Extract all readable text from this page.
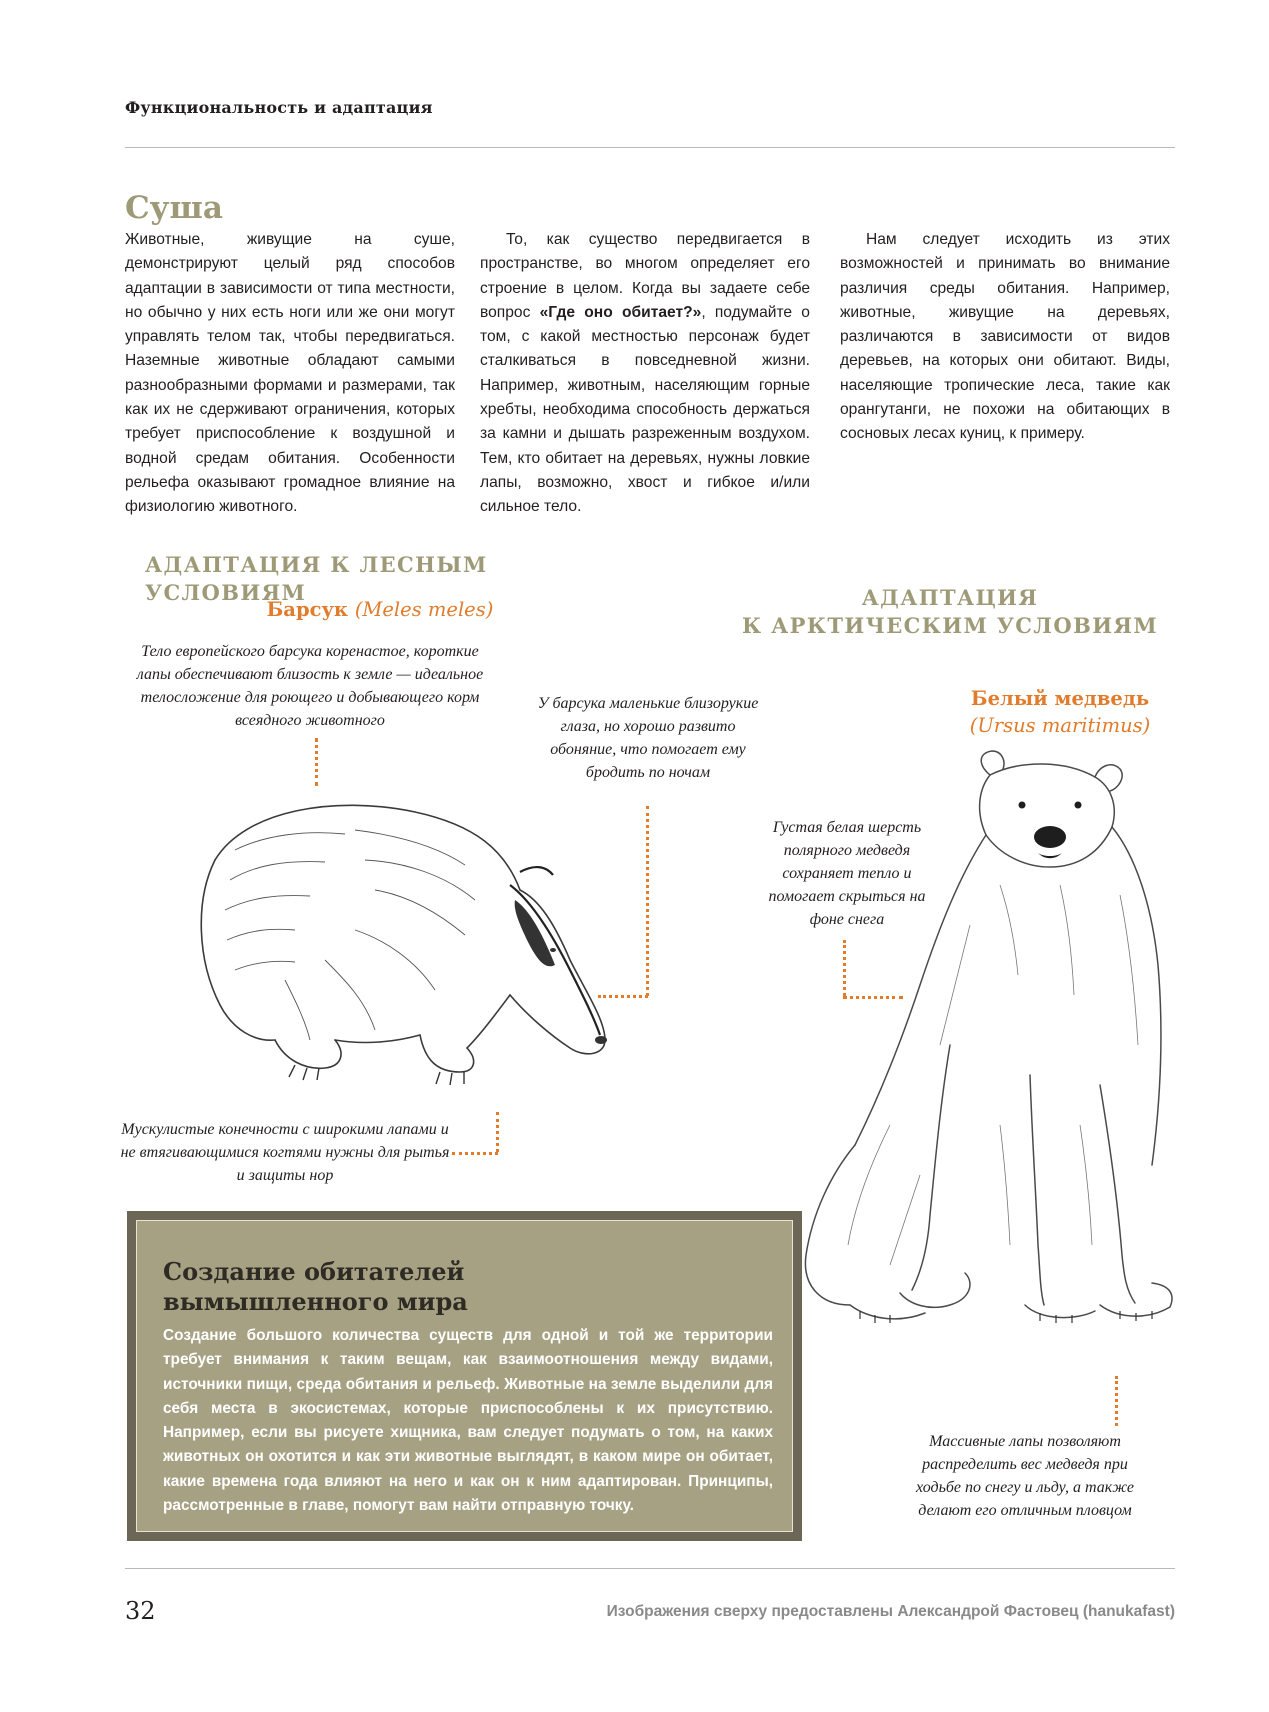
Функциональность и адаптация
Суша

Животные, живущие на суше, демонстрируют целый ряд способов адаптации в зависимости от типа местности, но обычно у них есть ноги или же они могут управлять телом так, чтобы передвигаться. Наземные животные обладают самыми разнообразными формами и размерами, так как их не сдерживают ограничения, которых требует приспособление к воздушной и водной средам обитания. Особенности рельефа оказывают громадное влияние на физиологию животного.

То, как существо передвигается в пространстве, во многом определяет его строение в целом. Когда вы задаете себе вопрос «Где оно обитает?», подумайте о том, с какой местностью персонаж будет сталкиваться в повседневной жизни. Например, животным, населяющим горные хребты, необходима способность держаться за камни и дышать разреженным воздухом. Тем, кто обитает на деревьях, нужны ловкие лапы, возможно, хвост и гибкое и/или сильное тело.

Нам следует исходить из этих возможностей и принимать во внимание различия среды обитания. Например, животные, живущие на деревьях, различаются в зависимости от видов деревьев, на которых они обитают. Виды, населяющие тропические леса, такие как орангутанги, не похожи на обитающих в сосновых лесах куниц, к примеру.

АДАПТАЦИЯ К ЛЕСНЫМ УСЛОВИЯМ
Барсук (Meles meles)
Тело европейского барсука коренастое, короткие лапы обеспечивают близость к земле — идеальное телосложение для роющего и добывающего корм всеядного животного
У барсука маленькие близорукие глаза, но хорошо развито обоняние, что помогает ему бродить по ночам
Мускулистые конечности с широкими лапами и не втягивающимися когтями нужны для рытья и защиты нор
АДАПТАЦИЯ
К АРКТИЧЕСКИМ УСЛОВИЯМ
Белый медведь
(Ursus maritimus)
Густая белая шерсть полярного медведя сохраняет тепло и помогает скрыться на фоне снега
Массивные лапы позволяют распределить вес медведя при ходьбе по снегу и льду, а также делают его отличным пловцом
Создание обитателей вымышленного мира
Создание большого количества существ для одной и той же территории требует внимания к таким вещам, как взаимоотношения между видами, источники пищи, среда обитания и рельеф. Животные на земле выделили для себя места в экосистемах, которые приспособлены к их присутствию. Например, если вы рисуете хищника, вам следует подумать о том, на каких животных он охотится и как эти животные выглядят, в каком мире он обитает, какие времена года влияют на него и как он к ним адаптирован. Принципы, рассмотренные в главе, помогут вам найти отправную точку.
32	Изображения сверху предоставлены Александрой Фастовец (hanukafast)
